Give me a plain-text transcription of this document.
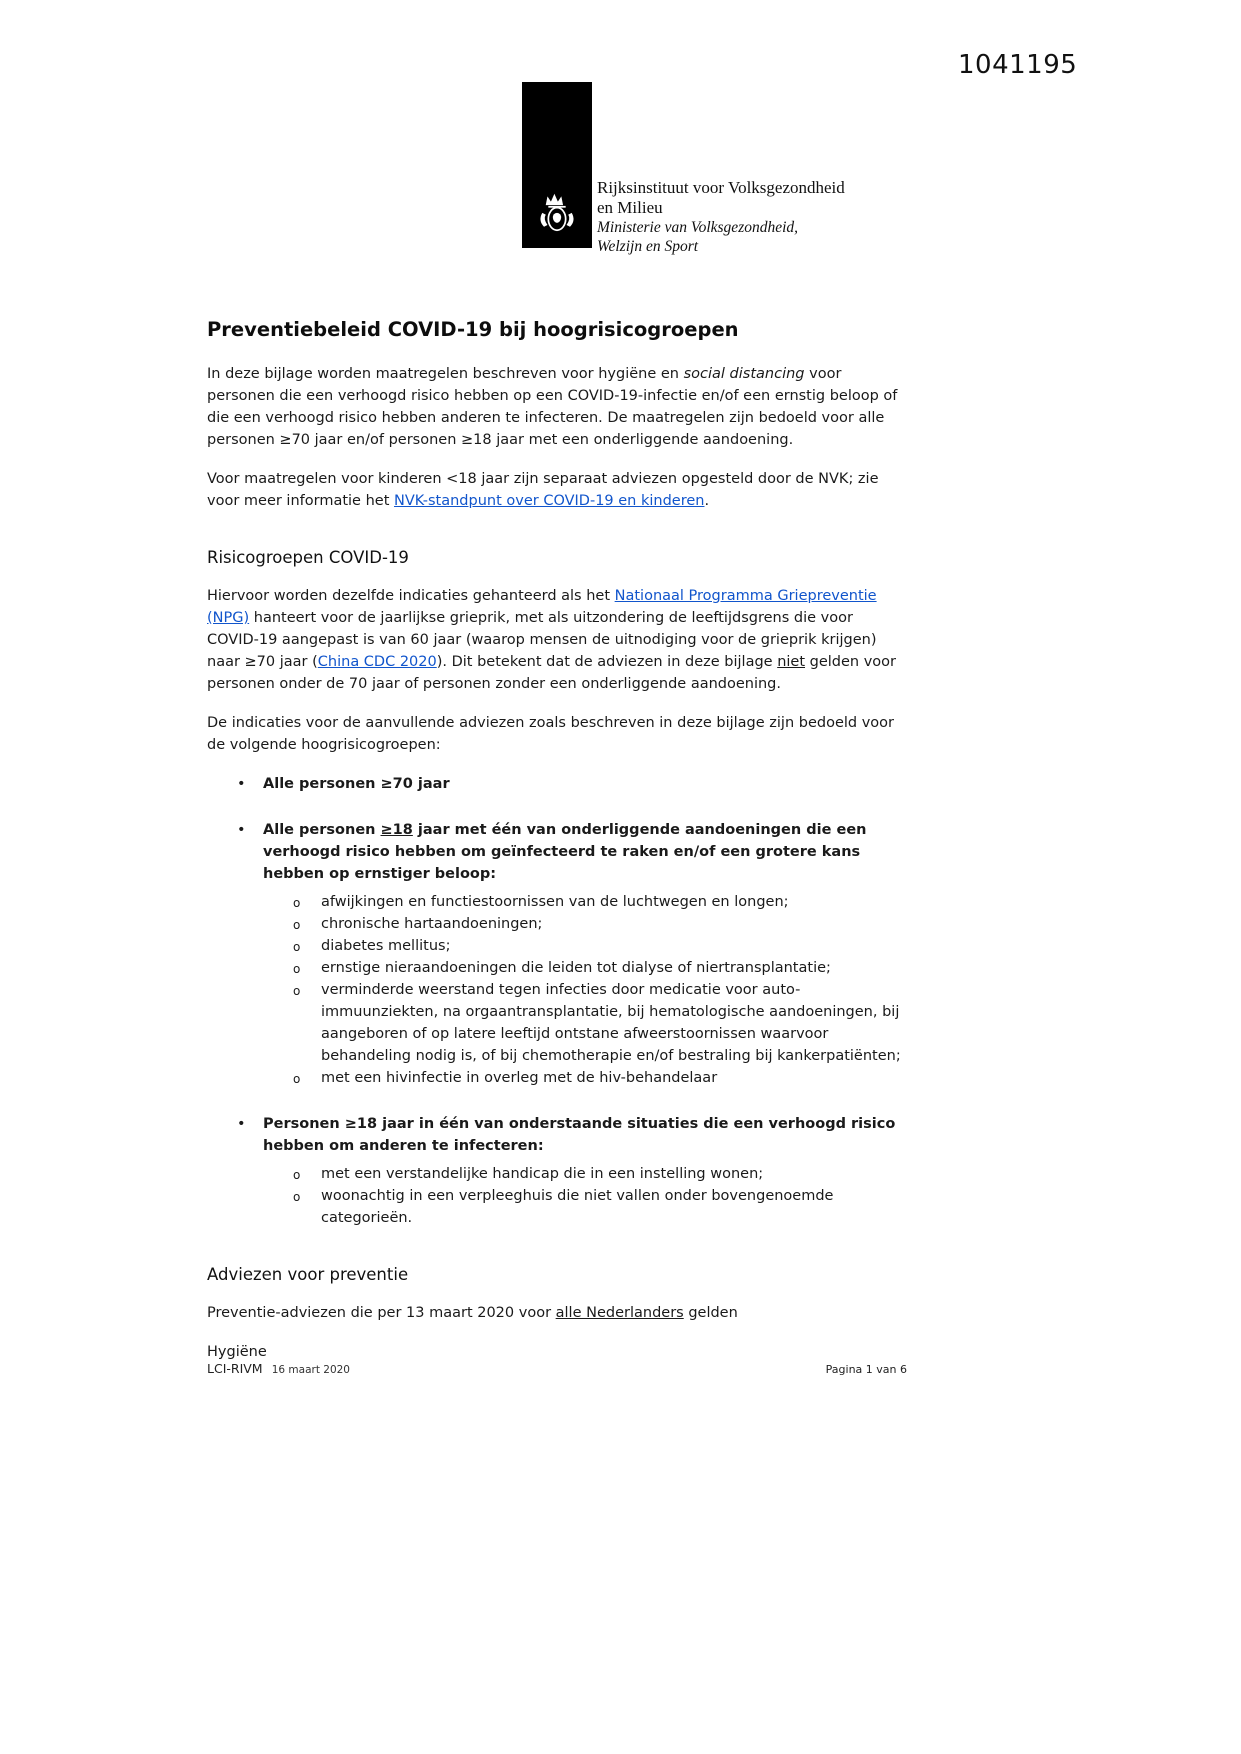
1041195
Rijksinstituut voor Volksgezondheid
en Milieu
Ministerie van Volksgezondheid,
Welzijn en Sport
Preventiebeleid COVID-19 bij hoogrisicogroepen

In deze bijlage worden maatregelen beschreven voor hygiëne en social distancing voor personen die een verhoogd risico hebben op een COVID-19-infectie en/of een ernstig beloop of die een verhoogd risico hebben anderen te infecteren. De maatregelen zijn bedoeld voor alle personen ≥70 jaar en/of personen ≥18 jaar met een onderliggende aandoening.

Voor maatregelen voor kinderen <18 jaar zijn separaat adviezen opgesteld door de NVK; zie voor meer informatie het NVK-standpunt over COVID-19 en kinderen.

Risicogroepen COVID-19

Hiervoor worden dezelfde indicaties gehanteerd als het Nationaal Programma Griepreventie (NPG) hanteert voor de jaarlijkse grieprik, met als uitzondering de leeftijdsgrens die voor COVID-19 aangepast is van 60 jaar (waarop mensen de uitnodiging voor de grieprik krijgen) naar ≥70 jaar (China CDC 2020). Dit betekent dat de adviezen in deze bijlage niet gelden voor personen onder de 70 jaar of personen zonder een onderliggende aandoening.

De indicaties voor de aanvullende adviezen zoals beschreven in deze bijlage zijn bedoeld voor de volgende hoogrisicogroepen:

• Alle personen ≥70 jaar
• Alle personen ≥18 jaar met één van onderliggende aandoeningen die een verhoogd risico hebben om geïnfecteerd te raken en/of een grotere kans hebben op ernstiger beloop:
o afwijkingen en functiestoornissen van de luchtwegen en longen;
o chronische hartaandoeningen;
o diabetes mellitus;
o ernstige nieraandoeningen die leiden tot dialyse of niertransplantatie;
o verminderde weerstand tegen infecties door medicatie voor auto-immuunziekten, na orgaantransplantatie, bij hematologische aandoeningen, bij aangeboren of op latere leeftijd ontstane afweerstoornissen waarvoor behandeling nodig is, of bij chemotherapie en/of bestraling bij kankerpatiënten;
o met een hivinfectie in overleg met de hiv-behandelaar
• Personen ≥18 jaar in één van onderstaande situaties die een verhoogd risico hebben om anderen te infecteren:
o met een verstandelijke handicap die in een instelling wonen;
o woonachtig in een verpleeghuis die niet vallen onder bovengenoemde categorieën.
Adviezen voor preventie

Preventie-adviezen die per 13 maart 2020 voor alle Nederlanders gelden

Hygiëne

LCI-RIVM 16 maart 2020	Pagina 1 van 6
